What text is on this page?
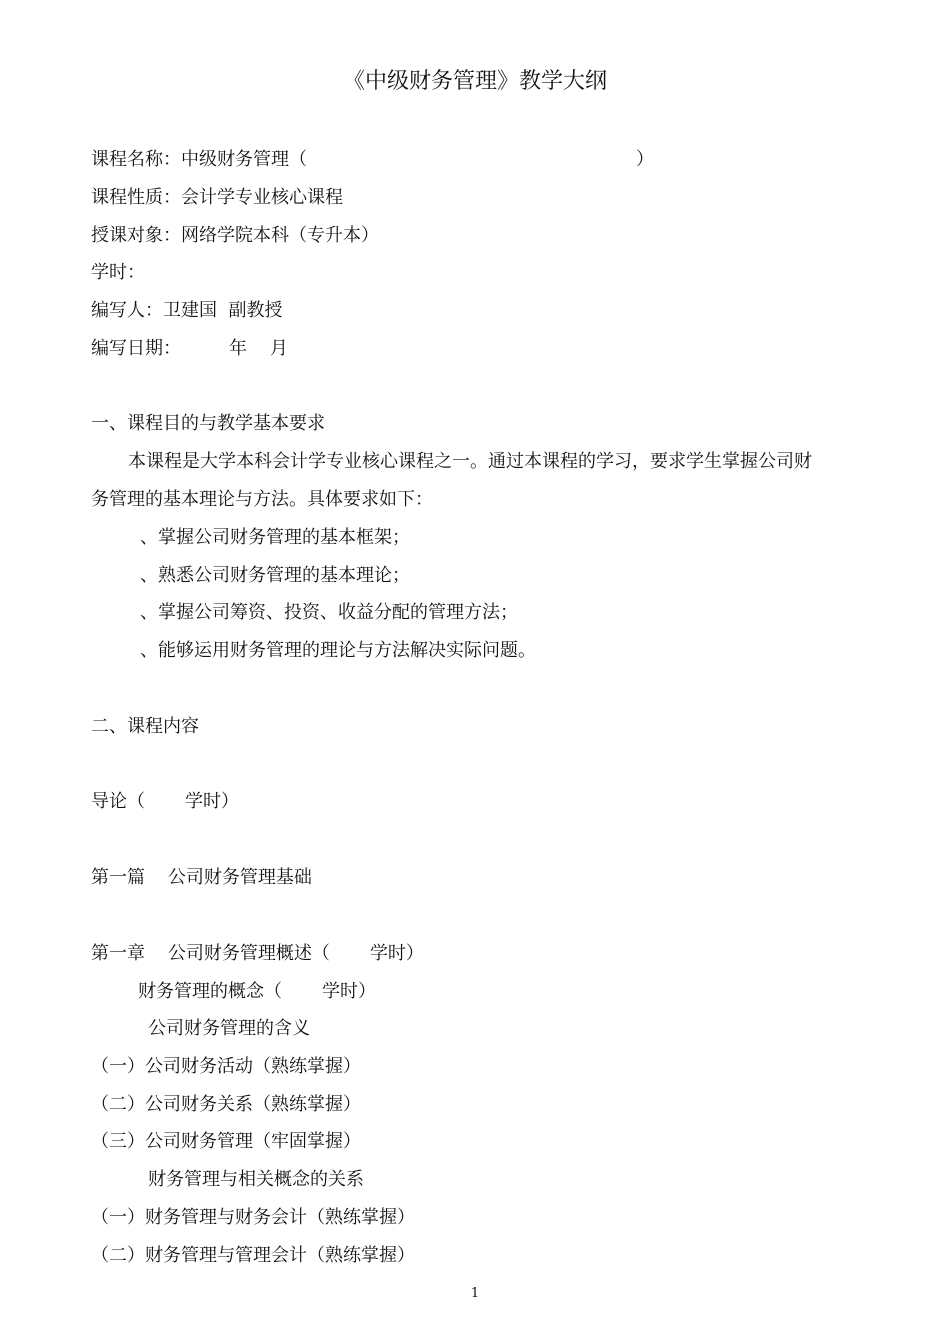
《中级财务管理》教学大纲
课程名称：中级财务管理（	）
课程性质：会计学专业核心课程
授课对象：网络学院本科（专升本）
学时：
编写人：卫建国  副教授
编写日期：	年    月
一、课程目的与教学基本要求
本课程是大学本科会计学专业核心课程之一。通过本课程的学习，要求学生掌握公司财
务管理的基本理论与方法。具体要求如下：
、掌握公司财务管理的基本框架；
、熟悉公司财务管理的基本理论；
、掌握公司筹资、投资、收益分配的管理方法；
、能够运用财务管理的理论与方法解决实际问题。
二、课程内容
导论（       学时）
第一篇    公司财务管理基础
第一章    公司财务管理概述（       学时）
财务管理的概念（       学时）
公司财务管理的含义
（一）公司财务活动（熟练掌握）
（二）公司财务关系（熟练掌握）
（三）公司财务管理（牢固掌握）
财务管理与相关概念的关系
（一）财务管理与财务会计（熟练掌握）
（二）财务管理与管理会计（熟练掌握）
1
